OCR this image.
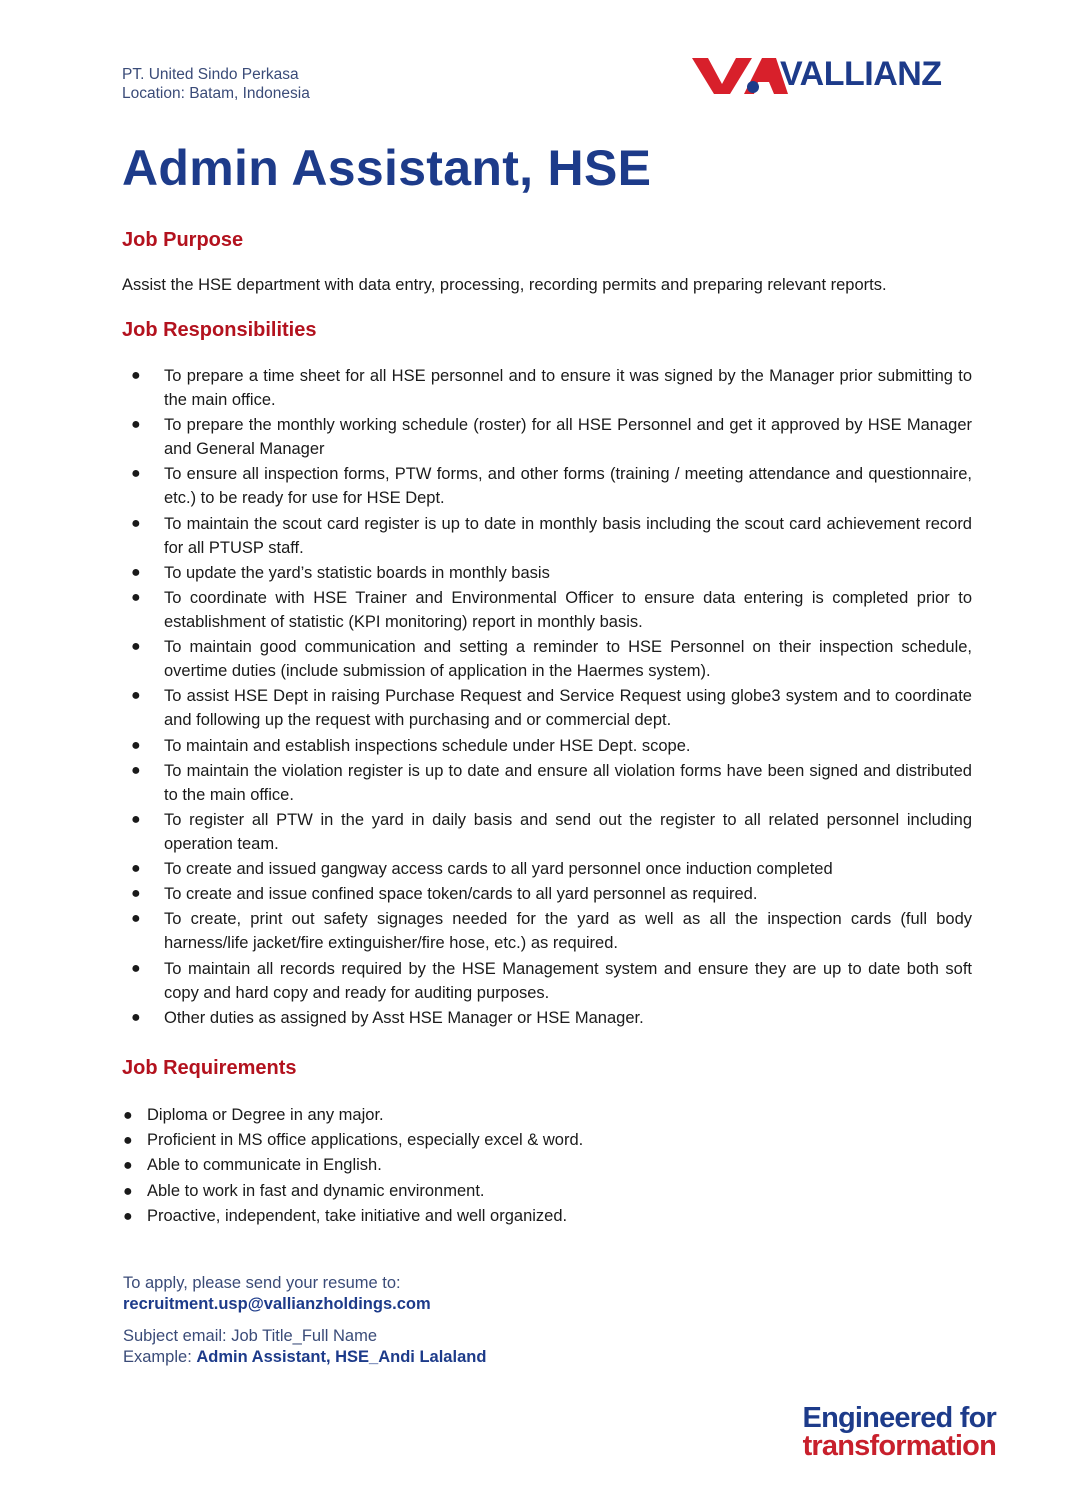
PT. United Sindo Perkasa
Location: Batam, Indonesia
VALLIANZ
Admin Assistant, HSE
Job Purpose

Assist the HSE department with data entry, processing, recording permits and preparing relevant reports.

Job Responsibilities
● To prepare a time sheet for all HSE personnel and to ensure it was signed by the Manager prior submitting to the main office.
● To prepare the monthly working schedule (roster) for all HSE Personnel and get it approved by HSE Manager and General Manager
● To ensure all inspection forms, PTW forms, and other forms (training / meeting attendance and questionnaire, etc.) to be ready for use for HSE Dept.
● To maintain the scout card register is up to date in monthly basis including the scout card achievement record for all PTUSP staff.
● To update the yard’s statistic boards in monthly basis
● To coordinate with HSE Trainer and Environmental Officer to ensure data entering is completed prior to establishment of statistic (KPI monitoring) report in monthly basis.
● To maintain good communication and setting a reminder to HSE Personnel on their inspection schedule, overtime duties (include submission of application in the Haermes system).
● To assist HSE Dept in raising Purchase Request and Service Request using globe3 system and to coordinate and following up the request with purchasing and or commercial dept.
● To maintain and establish inspections schedule under HSE Dept. scope.
● To maintain the violation register is up to date and ensure all violation forms have been signed and distributed to the main office.
● To register all PTW in the yard in daily basis and send out the register to all related personnel including operation team.
● To create and issued gangway access cards to all yard personnel once induction completed
● To create and issue confined space token/cards to all yard personnel as required.
● To create, print out safety signages needed for the yard as well as all the inspection cards (full body harness/life jacket/fire extinguisher/fire hose, etc.) as required.
● To maintain all records required by the HSE Management system and ensure they are up to date both soft copy and hard copy and ready for auditing purposes.
● Other duties as assigned by Asst HSE Manager or HSE Manager.
Job Requirements
● Diploma or Degree in any major.
● Proficient in MS office applications, especially excel & word.
● Able to communicate in English.
● Able to work in fast and dynamic environment.
● Proactive, independent, take initiative and well organized.
To apply, please send your resume to:
recruitment.usp@vallianzholdings.com
Subject email: Job Title_Full Name
Example: Admin Assistant, HSE_Andi Lalaland
Engineered for
transformation
